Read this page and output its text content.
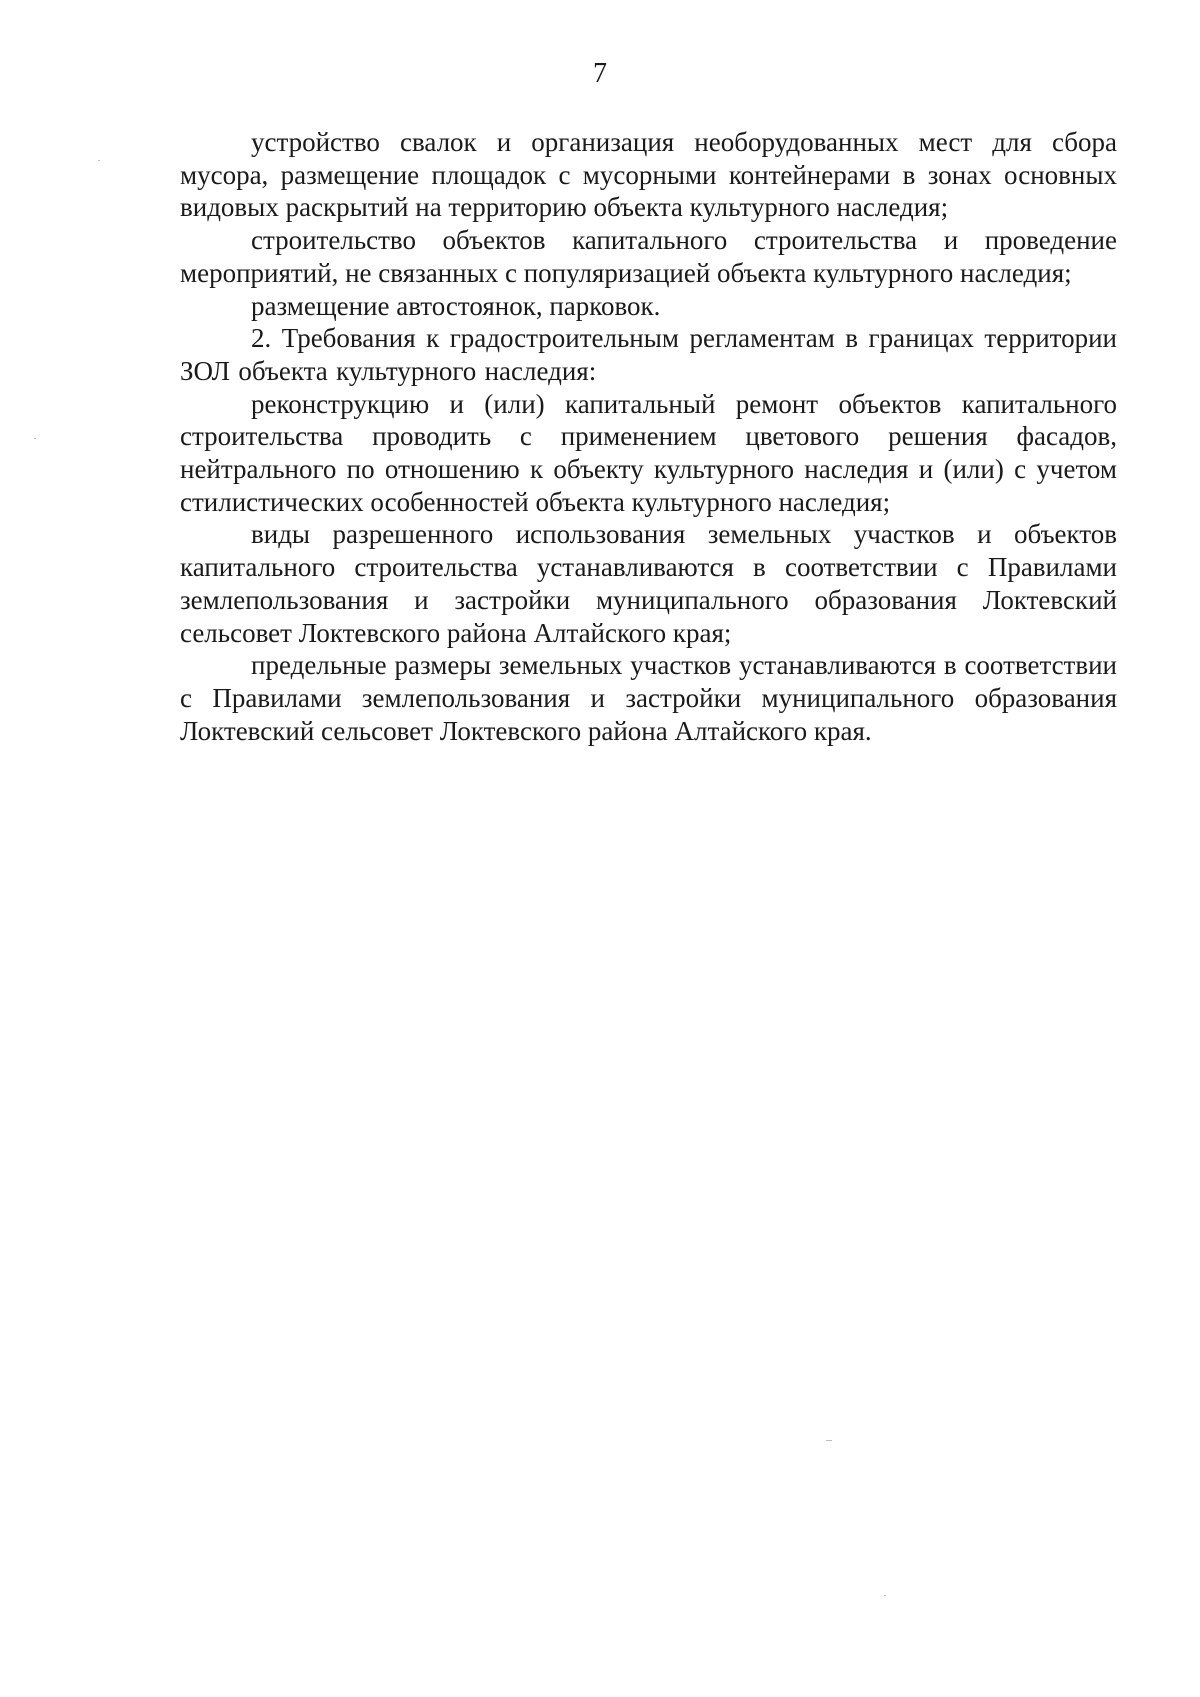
7

устройство свалок и организация необорудованных мест для сбора мусора, размещение площадок с мусорными контейнерами в зонах основных видовых раскрытий на территорию объекта культурного наследия;

строительство объектов капитального строительства и проведение мероприятий, не связанных с популяризацией объекта культурного наследия;

размещение автостоянок, парковок.

2. Требования к градостроительным регламентам в границах территории ЗОЛ объекта культурного наследия:

реконструкцию и (или) капитальный ремонт объектов капитального строительства проводить с применением цветового решения фасадов, нейтрального по отношению к объекту культурного наследия и (или) с учетом стилистических особенностей объекта культурного наследия;

виды разрешенного использования земельных участков и объектов капитального строительства устанавливаются в соответствии с Правилами землепользования и застройки муниципального образования Локтевский сельсовет Локтевского района Алтайского края;

предельные размеры земельных участков устанавливаются в соответствии с Правилами землепользования и застройки муниципального образования Локтевский сельсовет Локтевского района Алтайского края.
